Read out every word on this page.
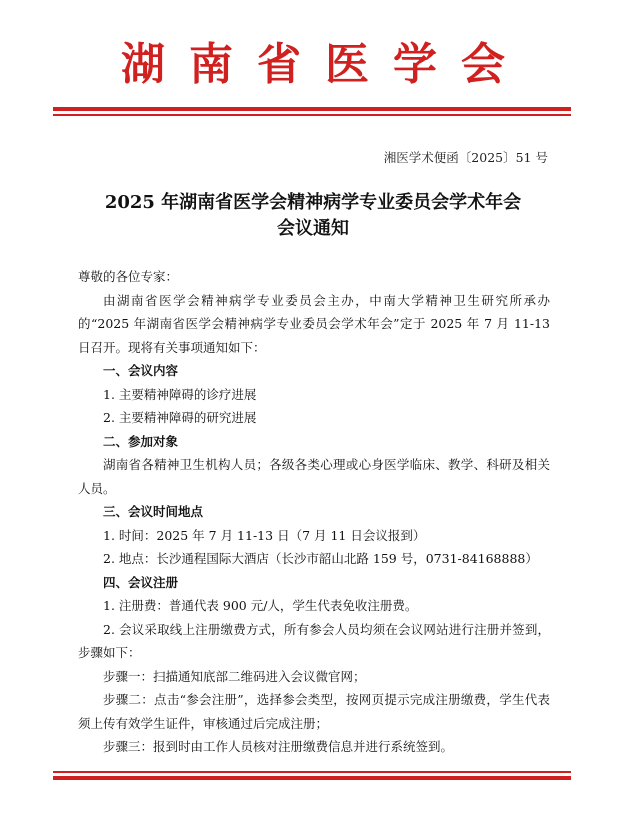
湖南省医学会
湘医学术便函〔2025〕51 号
2025 年湖南省医学会精神病学专业委员会学术年会
会议通知

尊敬的各位专家：

由湖南省医学会精神病学专业委员会主办，中南大学精神卫生研究所承办的“2025 年湖南省医学会精神病学专业委员会学术年会”定于 2025 年 7 月 11-13 日召开。现将有关事项通知如下：

一、会议内容

1. 主要精神障碍的诊疗进展

2. 主要精神障碍的研究进展

二、参加对象

湖南省各精神卫生机构人员；各级各类心理或心身医学临床、教学、科研及相关人员。

三、会议时间地点

1. 时间：2025 年 7 月 11-13 日（7 月 11 日会议报到）

2. 地点：长沙通程国际大酒店（长沙市韶山北路 159 号，0731-84168888）

四、会议注册

1. 注册费：普通代表 900 元/人，学生代表免收注册费。

2. 会议采取线上注册缴费方式，所有参会人员均须在会议网站进行注册并签到，步骤如下：

步骤一：扫描通知底部二维码进入会议微官网；

步骤二：点击“参会注册”，选择参会类型，按网页提示完成注册缴费，学生代表须上传有效学生证件，审核通过后完成注册；

步骤三：报到时由工作人员核对注册缴费信息并进行系统签到。
